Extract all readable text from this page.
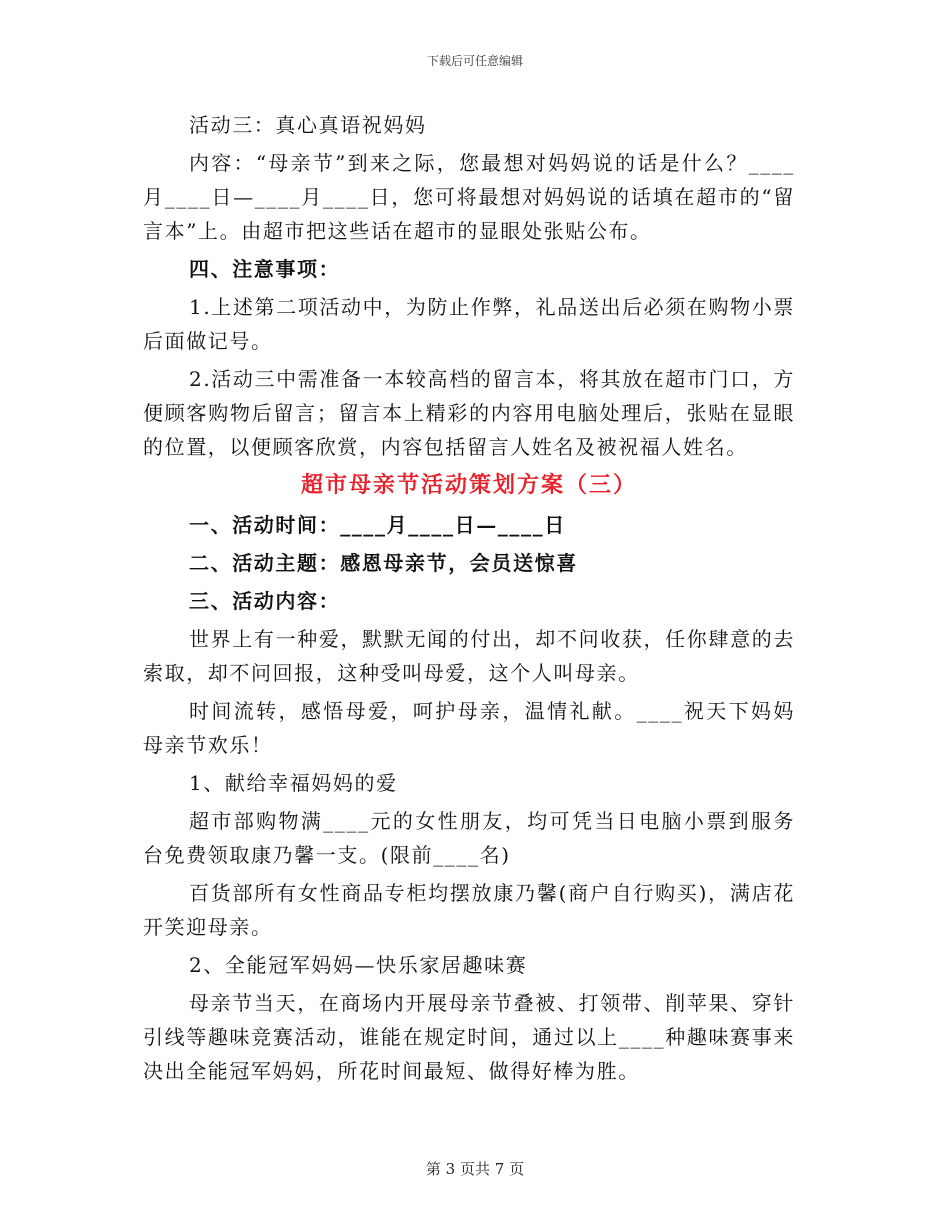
下载后可任意编辑

活动三：真心真语祝妈妈

内容：“母亲节”到来之际，您最想对妈妈说的话是什么？____月____日—____月____日，您可将最想对妈妈说的话填在超市的“留言本”上。由超市把这些话在超市的显眼处张贴公布。

四、注意事项：

1.上述第二项活动中，为防止作弊，礼品送出后必须在购物小票后面做记号。

2.活动三中需准备一本较高档的留言本，将其放在超市门口，方便顾客购物后留言；留言本上精彩的内容用电脑处理后，张贴在显眼的位置，以便顾客欣赏，内容包括留言人姓名及被祝福人姓名。

超市母亲节活动策划方案（三）

一、活动时间：____月____日—____日

二、活动主题：感恩母亲节，会员送惊喜

三、活动内容：

世界上有一种爱，默默无闻的付出，却不问收获，任你肆意的去索取，却不问回报，这种受叫母爱，这个人叫母亲。

时间流转，感悟母爱，呵护母亲，温情礼献。____祝天下妈妈母亲节欢乐！

1、献给幸福妈妈的爱

超市部购物满____元的女性朋友，均可凭当日电脑小票到服务台免费领取康乃馨一支。(限前____名)

百货部所有女性商品专柜均摆放康乃馨(商户自行购买)，满店花开笑迎母亲。

2、全能冠军妈妈—快乐家居趣味赛

母亲节当天，在商场内开展母亲节叠被、打领带、削苹果、穿针引线等趣味竞赛活动，谁能在规定时间，通过以上____种趣味赛事来决出全能冠军妈妈，所花时间最短、做得好棒为胜。

第 3 页共 7 页
